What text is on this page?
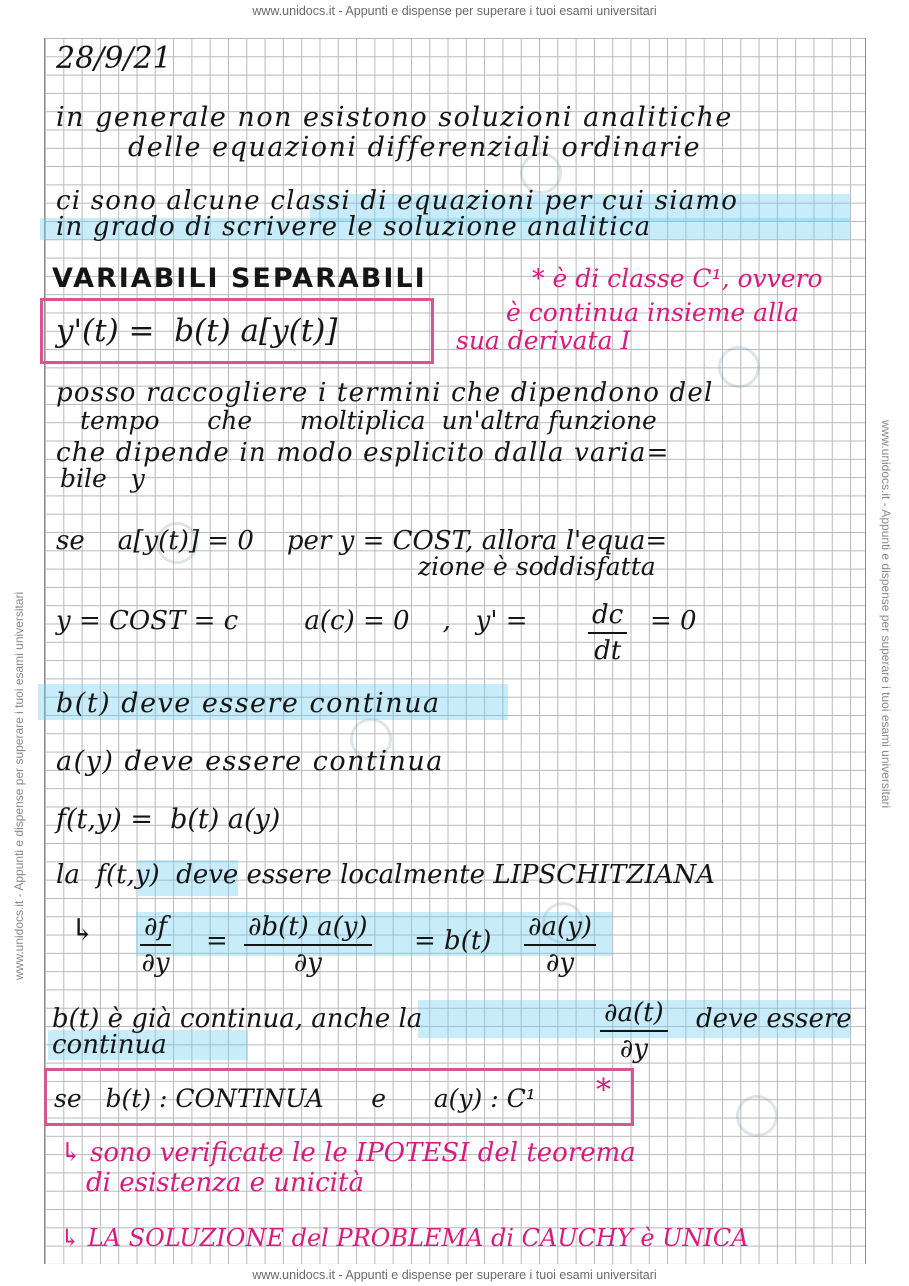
www.unidocs.it - Appunti e dispense per superare i tuoi esami universitari
www.unidocs.it - Appunti e dispense per superare i tuoi esami universitari	www.unidocs.it - Appunti e dispense per superare i tuoi esami universitari
28/9/21
in generale non esistono soluzioni analitiche
delle equazioni differenziali ordinarie
ci sono alcune classi di equazioni per cui siamo
in grado di scrivere le soluzione analitica
VARIABILI SEPARABILI	* è di classe C¹, ovvero
è continua insieme alla
sua derivata I
y'(t) =  b(t) a[y(t)]
posso raccogliere i termini che dipendono del
tempo      che      moltiplica  un'altra funzione
che dipende in modo esplicito dalla varia=
bile   y
se    a[y(t)] = 0    per y = COST, allora l'equa=
zione è soddisfatta
y = COST = c        a(c) = 0    ,   $y' = \frac{dc}{dt} = 0$
b(t) deve essere continua
a(y) deve essere continua
f(t,y) =  b(t) a(y)
la  f(t,y)  deve essere localmente LIPSCHITZIANA
↳ $\frac{\partial f}{\partial y} = \frac{\partial b(t) a(y)}{\partial y} = b(t) \frac{\partial a(y)}{\partial y}$
b(t) è già continua, anche la	$\frac{\partial a(t)}{\partial y}$ deve essere
continua
se   b(t) : CONTINUA      e      a(y) : C¹ *
↳ sono verificate le le IPOTESI del teorema
di esistenza e unicità
↳ LA SOLUZIONE del PROBLEMA di CAUCHY è UNICA
www.unidocs.it - Appunti e dispense per superare i tuoi esami universitari
